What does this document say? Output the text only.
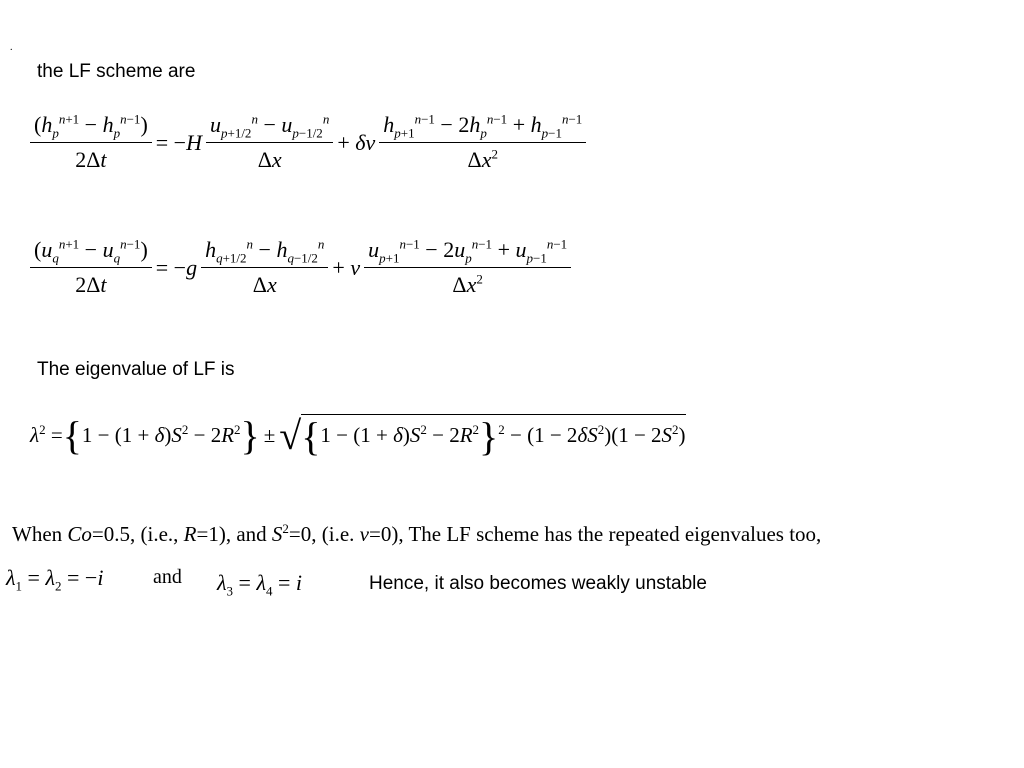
.
the LF scheme are
$\frac{(h_p^{n+1} - h_p^{n-1})}{2\Delta t} = -H \frac{u_{p+1/2}^n - u_{p-1/2}^n}{\Delta x} + \delta\nu \frac{h_{p+1}^{n-1} - 2h_p^{n-1} + h_{p-1}^{n-1}}{\Delta x^2}$
$\frac{(u_q^{n+1} - u_q^{n-1})}{2\Delta t} = -g \frac{h_{q+1/2}^n - h_{q-1/2}^n}{\Delta x} + \nu \frac{u_{p+1}^{n-1} - 2u_p^{n-1} + u_{p-1}^{n-1}}{\Delta x^2}$
The eigenvalue of LF is
$\lambda^2$ = { $1 - (1 + \delta)S^2 - 2R^2$ } ± $√\{1 - (1 + \delta)S^2 - 2R^2\}^2 - (1 - 2\delta S^2)(1 - 2S^2)$
When Co=0.5, (i.e., R=1), and $S^2=0$, (i.e. ν=0), The LF scheme has the repeated eigenvalues too,
$\lambda_1 = \lambda_2 = -i$ and $\lambda_3 = \lambda_4 = i$	Hence, it also becomes weakly unstable
